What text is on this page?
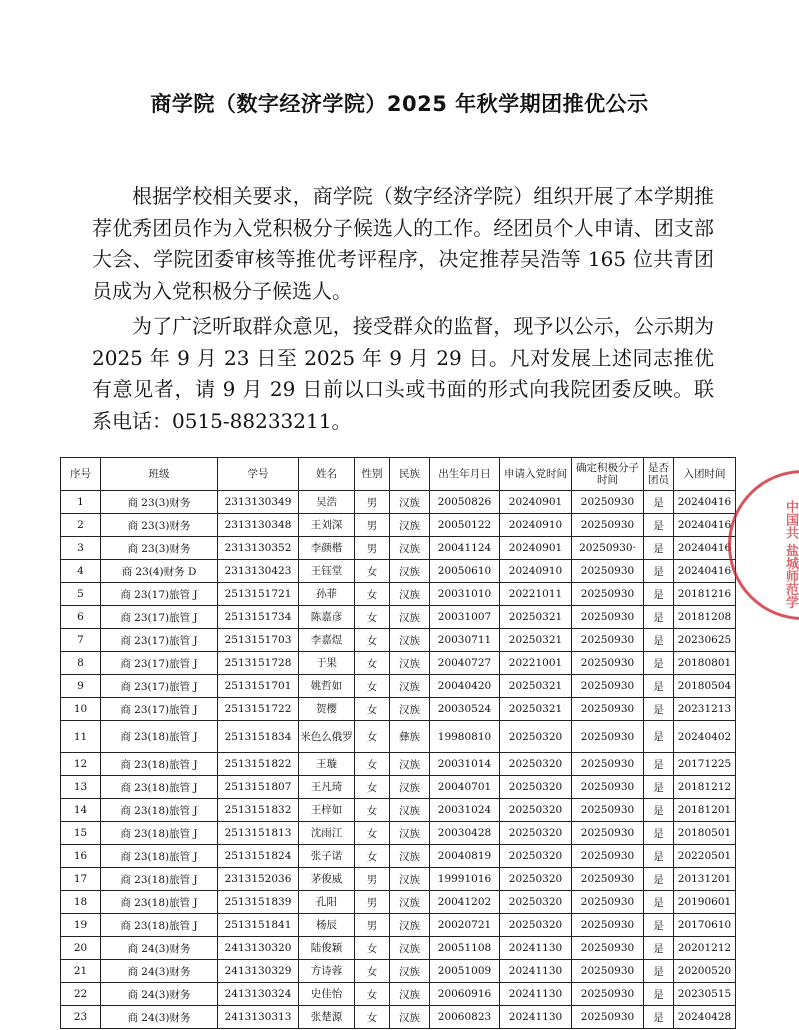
商学院（数字经济学院）2025 年秋学期团推优公示

根据学校相关要求，商学院（数字经济学院）组织开展了本学期推荐优秀团员作为入党积极分子候选人的工作。经团员个人申请、团支部大会、学院团委审核等推优考评程序，决定推荐吴浩等 165 位共青团员成为入党积极分子候选人。

为了广泛听取群众意见，接受群众的监督，现予以公示，公示期为 2025 年 9 月 23 日至 2025 年 9 月 29 日。凡对发展上述同志推优有意见者，请 9 月 29 日前以口头或书面的形式向我院团委反映。联系电话：0515-88233211。

序号	班级	学号	姓名	性别	民族	出生年月日	申请入党时间	确定积极分子时间	是否团员	入团时间
1	商 23(3)财务	2313130349	吴浩	男	汉族	20050826	20240901	20250930	是	20240416
2	商 23(3)财务	2313130348	王刘深	男	汉族	20050122	20240910	20250930	是	20240416
3	商 23(3)财务	2313130352	李颜楷	男	汉族	20041124	20240901	20250930·	是	20240416
4	商 23(4)财务 D	2313130423	王钰堂	女	汉族	20050610	20240910	20250930	是	20240416
5	商 23(17)旅管 J	2513151721	孙菲	女	汉族	20031010	20221011	20250930	是	20181216
6	商 23(17)旅管 J	2513151734	陈嘉彦	女	汉族	20031007	20250321	20250930	是	20181208
7	商 23(17)旅管 J	2513151703	李嘉煜	女	汉族	20030711	20250321	20250930	是	20230625
8	商 23(17)旅管 J	2513151728	于果	女	汉族	20040727	20221001	20250930	是	20180801
9	商 23(17)旅管 J	2513151701	姚哲如	女	汉族	20040420	20250321	20250930	是	20180504
10	商 23(17)旅管 J	2513151722	贺樱	女	汉族	20030524	20250321	20250930	是	20231213
11	商 23(18)旅管 J	2513151834	米色么俄罗	女	彝族	19980810	20250320	20250930	是	20240402
12	商 23(18)旅管 J	2513151822	王璇	女	汉族	20031014	20250320	20250930	是	20171225
13	商 23(18)旅管 J	2513151807	王凡琦	女	汉族	20040701	20250320	20250930	是	20181212
14	商 23(18)旅管 J	2513151832	王梓如	女	汉族	20031024	20250320	20250930	是	20181201
15	商 23(18)旅管 J	2513151813	沈雨江	女	汉族	20030428	20250320	20250930	是	20180501
16	商 23(18)旅管 J	2513151824	张子诺	女	汉族	20040819	20250320	20250930	是	20220501
17	商 23(18)旅管 J	2313152036	茅俊威	男	汉族	19991016	20250320	20250930	是	20131201
18	商 23(18)旅管 J	2513151839	孔阳	男	汉族	20041202	20250320	20250930	是	20190601
19	商 23(18)旅管 J	2513151841	杨辰	男	汉族	20020721	20250320	20250930	是	20170610
20	商 24(3)财务	2413130320	陆俊颖	女	汉族	20051108	20241130	20250930	是	20201212
21	商 24(3)财务	2413130329	方诗蓉	女	汉族	20051009	20241130	20250930	是	20200520
22	商 24(3)财务	2413130324	史佳怡	女	汉族	20060916	20241130	20250930	是	20230515
23	商 24(3)财务	2413130313	张楚源	女	汉族	20060823	20241130	20250930	是	20240428
中国共 盐城师范学
